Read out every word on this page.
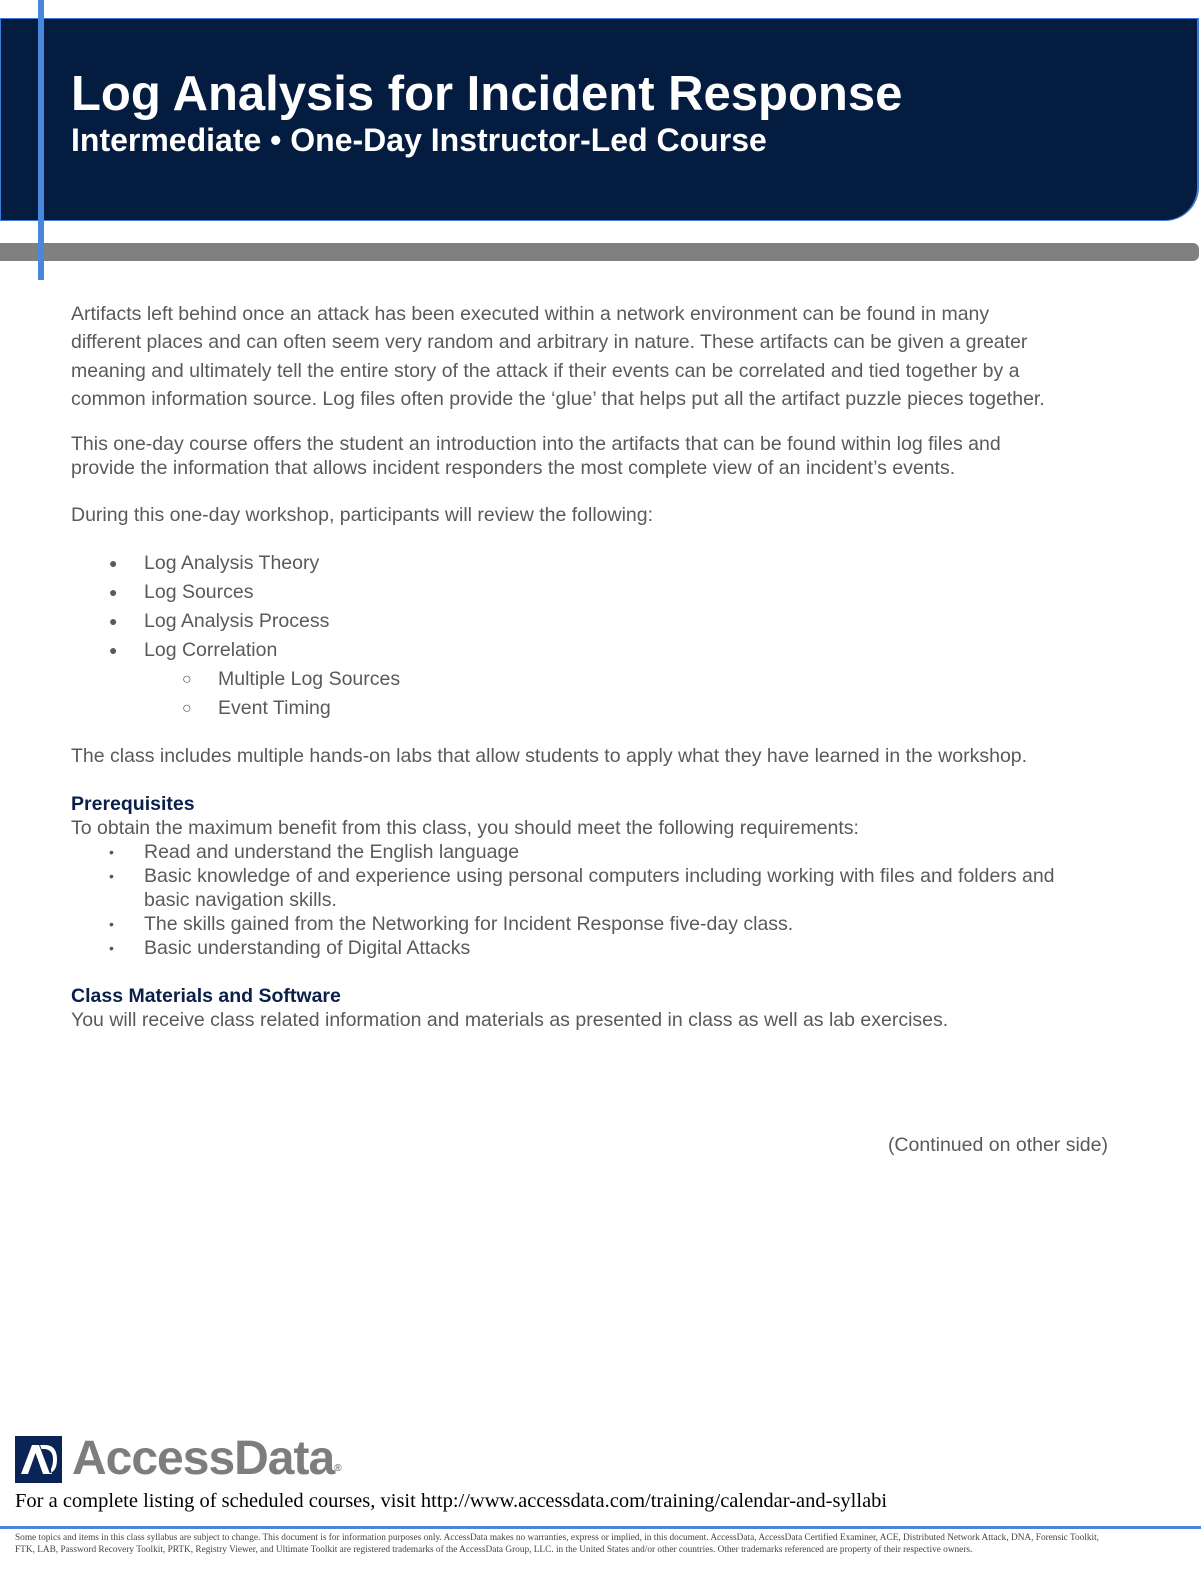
Log Analysis for Incident Response
Intermediate • One-Day Instructor-Led Course

Artifacts left behind once an attack has been executed within a network environment can be found in many
different places and can often seem very random and arbitrary in nature. These artifacts can be given a greater
meaning and ultimately tell the entire story of the attack if their events can be correlated and tied together by a
common information source. Log files often provide the ‘glue’ that helps put all the artifact puzzle pieces together.

This one-day course offers the student an introduction into the artifacts that can be found within log files and
provide the information that allows incident responders the most complete view of an incident’s events.

During this one-day workshop, participants will review the following:

● Log Analysis Theory
● Log Sources
● Log Analysis Process
● Log Correlation
○ Multiple Log Sources
○ Event Timing

The class includes multiple hands-on labs that allow students to apply what they have learned in the workshop.

Prerequisites

To obtain the maximum benefit from this class, you should meet the following requirements:

• Read and understand the English language
• Basic knowledge of and experience using personal computers including working with files and folders and
basic navigation skills.
• The skills gained from the Networking for Incident Response five-day class.
• Basic understanding of Digital Attacks

Class Materials and Software

You will receive class related information and materials as presented in class as well as lab exercises.

(Continued on other side)
AccessData®
For a complete listing of scheduled courses, visit http://www.accessdata.com/training/calendar-and-syllabi
Some topics and items in this class syllabus are subject to change. This document is for information purposes only. AccessData makes no warranties, express or implied, in this document. AccessData, AccessData Certified Examiner, ACE, Distributed Network Attack, DNA, Forensic Toolkit, FTK, LAB, Password Recovery Toolkit, PRTK, Registry Viewer, and Ultimate Toolkit are registered trademarks of the AccessData Group, LLC. in the United States and/or other countries. Other trademarks referenced are property of their respective owners.
